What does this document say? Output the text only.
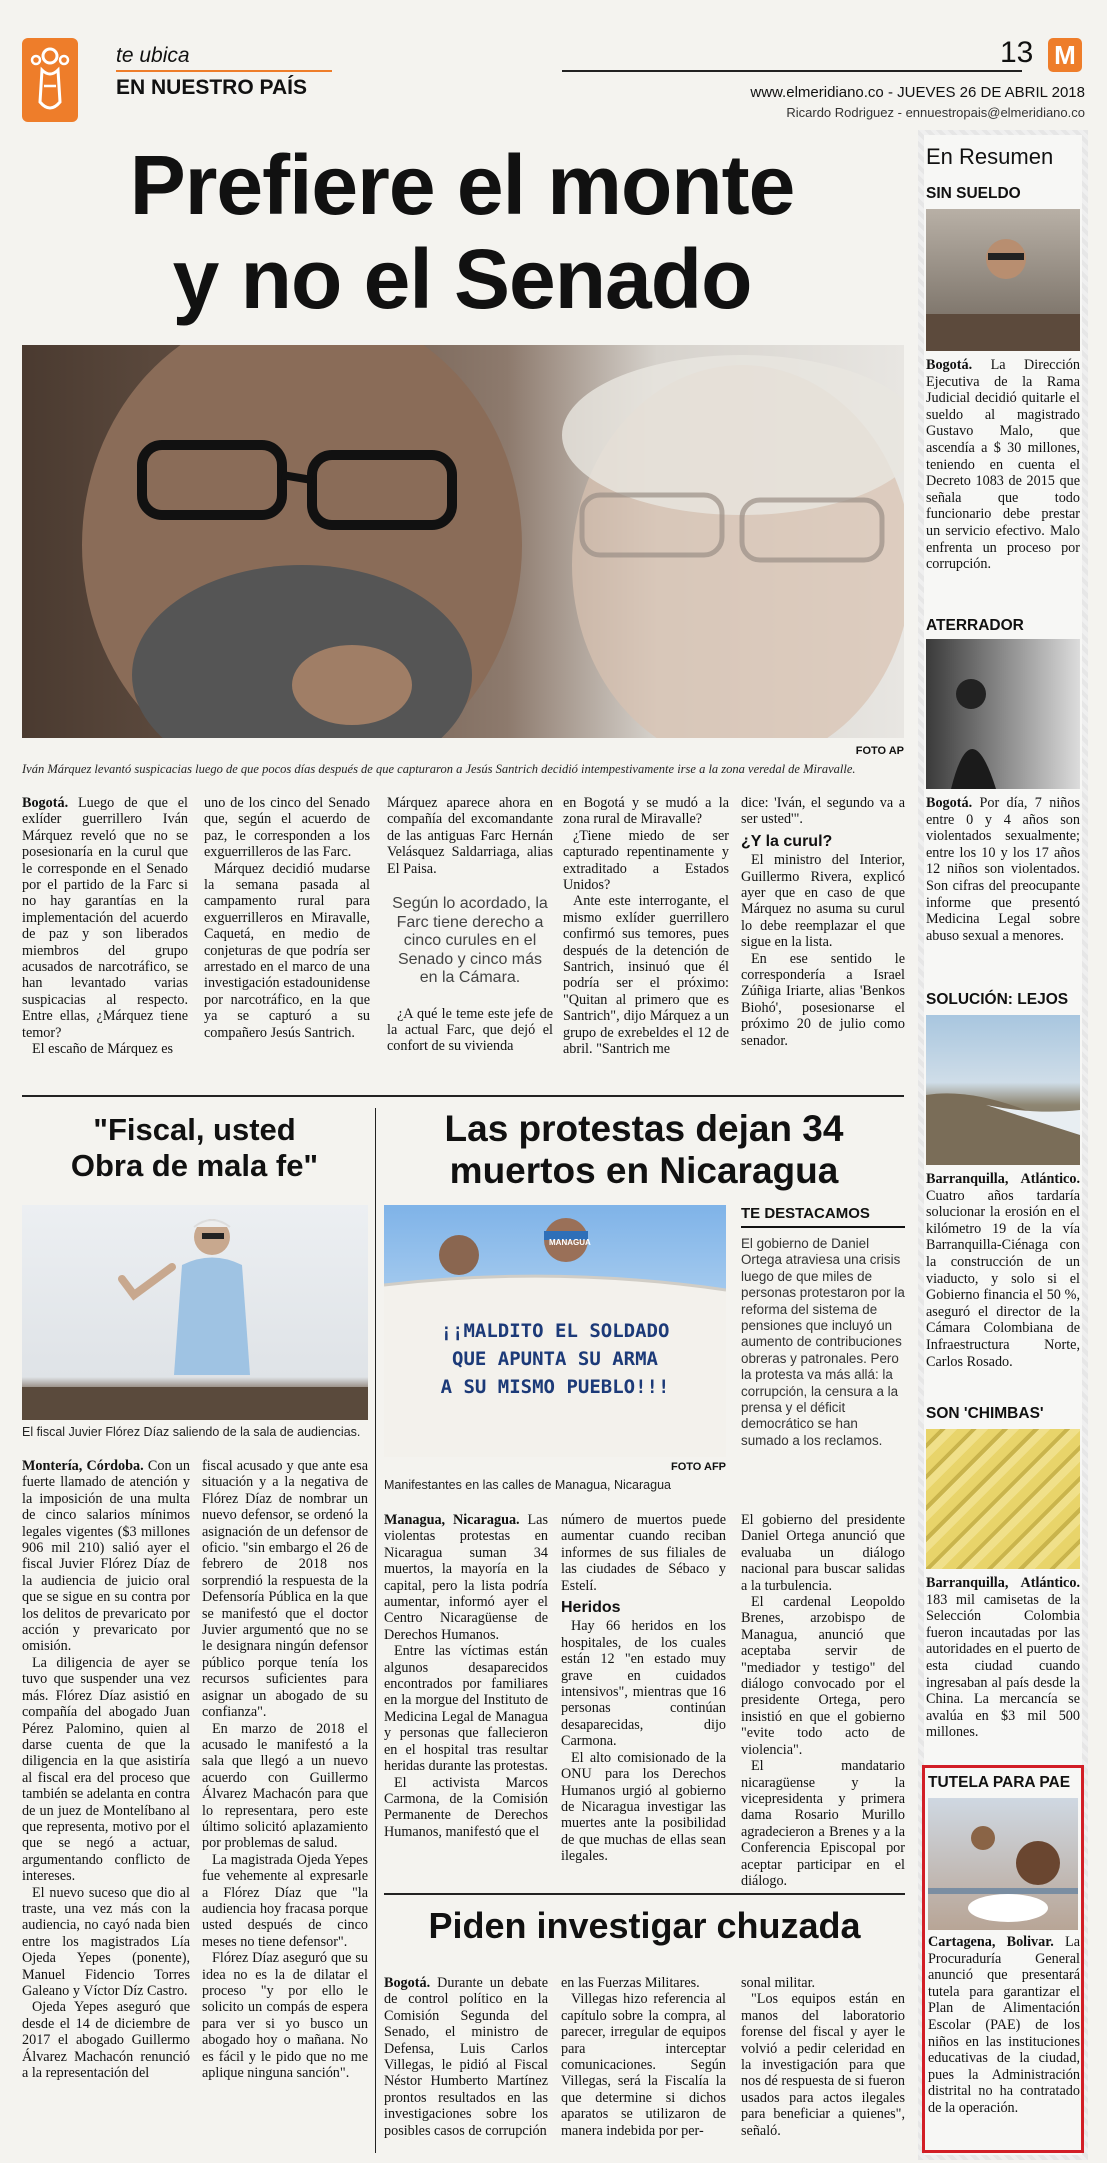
te ubica
EN NUESTRO PAÍS
13 M
www.elmeridiano.co - JUEVES 26 DE ABRIL 2018
Ricardo Rodriguez - ennuestropais@elmeridiano.co
Prefiere el monte
y no el Senado
FOTO AP
Iván Márquez levantó suspicacias luego de que pocos días después de que capturaron a Jesús Santrich decidió intempestivamente irse a la zona veredal de Miravalle.

Bogotá. Luego de que el exlíder guerrillero Iván Márquez reveló que no se posesionaría en la curul que le corresponde en el Senado por el partido de la Farc si no hay garantías en la implementación del acuerdo de paz y son liberados miembros del grupo acusados de narcotráfico, se han levantado varias suspicacias al respecto. Entre ellas, ¿Márquez tiene temor?

El escaño de Márquez es

uno de los cinco del Senado que, según el acuerdo de paz, le corresponden a los exguerrilleros de las Farc.

Márquez decidió mudarse la semana pasada al campamento rural para exguerrilleros en Miravalle, Caquetá, en medio de conjeturas de que podría ser arrestado en el marco de una investigación estadounidense por narcotráfico, en la que ya se capturó a su compañero Jesús Santrich.

Márquez aparece ahora en compañía del excomandante de las antiguas Farc Hernán Velásquez Saldarriaga, alias El Paisa.

Según lo acordado, la Farc tiene derecho a cinco curules en el Senado y cinco más en la Cámara.

¿A qué le teme este jefe de la actual Farc, que dejó el confort de su vivienda

en Bogotá y se mudó a la zona rural de Miravalle?

¿Tiene miedo de ser capturado repentinamente y extraditado a Estados Unidos?

Ante este interrogante, el mismo exlíder guerrillero confirmó sus temores, pues después de la detención de Santrich, insinuó que él podría ser el próximo: "Quitan al primero que es Santrich", dijo Márquez a un grupo de exrebeldes el 12 de abril. "Santrich me

dice: 'Iván, el segundo va a ser usted'".

¿Y la curul?

El ministro del Interior, Guillermo Rivera, explicó ayer que en caso de que Márquez no asuma su curul lo debe reemplazar el que sigue en la lista.

En ese sentido le correspondería a Israel Zúñiga Iriarte, alias 'Benkos Biohó', posesionarse el próximo 20 de julio como senador.

"Fiscal, usted
Obra de mala fe"
El fiscal Juvier Flórez Díaz saliendo de la sala de audiencias.

Montería, Córdoba. Con un fuerte llamado de atención y la imposición de una multa de cinco salarios mínimos legales vigentes ($3 millones 906 mil 210) salió ayer el fiscal Juvier Flórez Díaz de la audiencia de juicio oral que se sigue en su contra por los delitos de prevaricato por acción y prevaricato por omisión.

La diligencia de ayer se tuvo que suspender una vez más. Flórez Díaz asistió en compañía del abogado Juan Pérez Palomino, quien al darse cuenta de que la diligencia en la que asistiría al fiscal era del proceso que también se adelanta en contra de un juez de Montelíbano al que representa, motivo por el que se negó a actuar, argumentando conflicto de intereses.

El nuevo suceso que dio al traste, una vez más con la audiencia, no cayó nada bien entre los magistrados Lía Ojeda Yepes (ponente), Manuel Fidencio Torres Galeano y Víctor Díz Castro.

Ojeda Yepes aseguró que desde el 14 de diciembre de 2017 el abogado Guillermo Álvarez Machacón renunció a la representación del

fiscal acusado y que ante esa situación y a la negativa de Flórez Díaz de nombrar un nuevo defensor, se ordenó la asignación de un defensor de oficio. "sin embargo el 26 de febrero de 2018 nos sorprendió la respuesta de la Defensoría Pública en la que se manifestó que el doctor Juvier argumentó que no se le designara ningún defensor público porque tenía los recursos suficientes para asignar un abogado de su confianza".

En marzo de 2018 el acusado le manifestó a la sala que llegó a un nuevo acuerdo con Guillermo Álvarez Machacón para que lo representara, pero este último solicitó aplazamiento por problemas de salud.

La magistrada Ojeda Yepes fue vehemente al expresarle a Flórez Díaz que "la audiencia hoy fracasa porque usted después de cinco meses no tiene defensor".

Flórez Díaz aseguró que su idea no es la de dilatar el proceso "y por ello le solicito un compás de espera para ver si yo busco un abogado hoy o mañana. No es fácil y le pido que no me aplique ninguna sanción".

Las protestas dejan 34
muertos en Nicaragua
MANAGUA
¡¡MALDITO EL SOLDADO
QUE APUNTA SU ARMA
A SU MISMO PUEBLO!!!
FOTO AFP
Manifestantes en las calles de Managua, Nicaragua
TE DESTACAMOS
El gobierno de Daniel Ortega atraviesa una crisis luego de que miles de personas protestaron por la reforma del sistema de pensiones que incluyó un aumento de contribuciones obreras y patronales. Pero la protesta va más allá: la corrupción, la censura a la prensa y el déficit democrático se han sumado a los reclamos.

Managua, Nicaragua. Las violentas protestas en Nicaragua suman 34 muertos, la mayoría en la capital, pero la lista podría aumentar, informó ayer el Centro Nicaragüense de Derechos Humanos.

Entre las víctimas están algunos desaparecidos encontrados por familiares en la morgue del Instituto de Medicina Legal de Managua y personas que fallecieron en el hospital tras resultar heridas durante las protestas.

El activista Marcos Carmona, de la Comisión Permanente de Derechos Humanos, manifestó que el

número de muertos puede aumentar cuando reciban informes de sus filiales de las ciudades de Sébaco y Estelí.

Heridos

Hay 66 heridos en los hospitales, de los cuales están 12 "en estado muy grave en cuidados intensivos", mientras que 16 personas continúan desaparecidas, dijo Carmona.

El alto comisionado de la ONU para los Derechos Humanos urgió al gobierno de Nicaragua investigar las muertes ante la posibilidad de que muchas de ellas sean ilegales.

El gobierno del presidente Daniel Ortega anunció que evaluaba un diálogo nacional para buscar salidas a la turbulencia.

El cardenal Leopoldo Brenes, arzobispo de Managua, anunció que aceptaba servir de "mediador y testigo" del diálogo convocado por el presidente Ortega, pero insistió en que el gobierno "evite todo acto de violencia".

El mandatario nicaragüense y la vicepresidenta y primera dama Rosario Murillo agradecieron a Brenes y a la Conferencia Episcopal por aceptar participar en el diálogo.

Piden investigar chuzada

Bogotá. Durante un debate de control político en la Comisión Segunda del Senado, el ministro de Defensa, Luis Carlos Villegas, le pidió al Fiscal Néstor Humberto Martínez prontos resultados en las investigaciones sobre los posibles casos de corrupción

en las Fuerzas Militares.

Villegas hizo referencia al capítulo sobre la compra, al parecer, irregular de equipos para interceptar comunicaciones. Según Villegas, será la Fiscalía la que determine si dichos aparatos se utilizaron de manera indebida por per-

sonal militar.

"Los equipos están en manos del laboratorio forense del fiscal y ayer le volvió a pedir celeridad en la investigación para que nos dé respuesta de si fueron usados para actos ilegales para beneficiar a quienes", señaló.

En Resumen
SIN SUELDO
Bogotá. La Dirección Ejecutiva de la Rama Judicial decidió quitarle el sueldo al magistrado Gustavo Malo, que ascendía a $ 30 millones, teniendo en cuenta el Decreto 1083 de 2015 que señala que todo funcionario debe prestar un servicio efectivo. Malo enfrenta un proceso por corrupción.
ATERRADOR
Bogotá. Por día, 7 niños entre 0 y 4 años son violentados sexualmente; entre los 10 y los 17 años 12 niños son violentados. Son cifras del preocupante informe que presentó Medicina Legal sobre abuso sexual a menores.
SOLUCIÓN: LEJOS
Barranquilla, Atlántico. Cuatro años tardaría solucionar la erosión en el kilómetro 19 de la vía Barranquilla-Ciénaga con la construcción de un viaducto, y solo si el Gobierno financia el 50 %, aseguró el director de la Cámara Colombiana de Infraestructura Norte, Carlos Rosado.
SON 'CHIMBAS'
Barranquilla, Atlántico. 183 mil camisetas de la Selección Colombia fueron incautadas por las autoridades en el puerto de esta ciudad cuando ingresaban al país desde la China. La mercancía se avalúa en $3 mil 500 millones.
TUTELA PARA PAE
Cartagena, Bolivar. La Procuraduría General anunció que presentará tutela para garantizar el Plan de Alimentación Escolar (PAE) de los niños en las instituciones educativas de la ciudad, pues la Administración distrital no ha contratado de la operación.
